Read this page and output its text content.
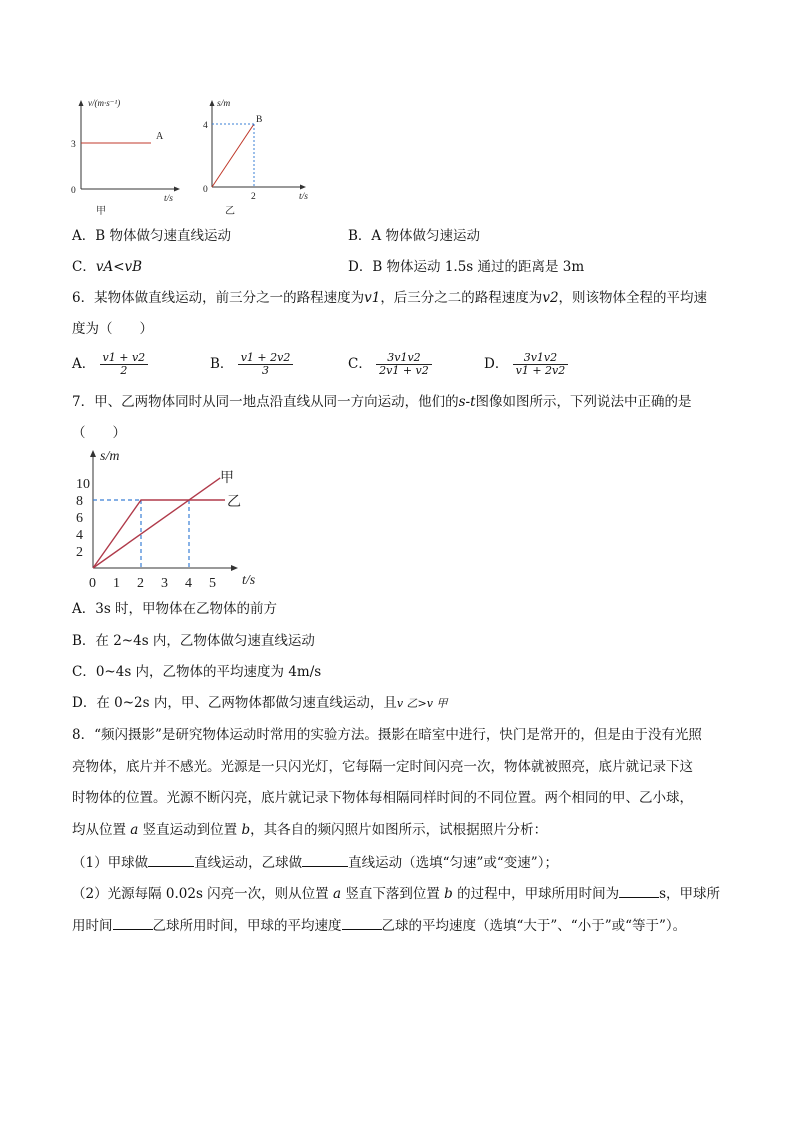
v/(m·s⁻¹)
3
0
A
t/s
甲
s/m
4
B
0
2	t/s
乙
A．B 物体做匀速直线运动	B．A 物体做匀速运动
C．vA<vB	D．B 物体运动 1.5s 通过的距离是 3m
6．某物体做直线运动，前三分之一的路程速度为v1，后三分之二的路程速度为v2，则该物体全程的平均速
度为（　　）
A． $\frac{v1 + v2}{2}$	B． $\frac{v1 + 2v2}{3}$	C． $\frac{3v1v2}{2v1 + v2}$	D． $\frac{3v1v2}{v1 + 2v2}$
7．甲、乙两物体同时从同一地点沿直线从同一方向运动，他们的s-t图像如图所示，下列说法中正确的是
（　　）
10
8
6
4
2
0 1 2 3 4 5
s/m
t/s
甲
乙
A．3s 时，甲物体在乙物体的前方
B．在 2~4s 内，乙物体做匀速直线运动
C．0~4s 内，乙物体的平均速度为 4m/s
D．在 0~2s 内，甲、乙两物体都做匀速直线运动，且v 乙>v 甲
8．“频闪摄影”是研究物体运动时常用的实验方法。摄影在暗室中进行，快门是常开的，但是由于没有光照
亮物体，底片并不感光。光源是一只闪光灯，它每隔一定时间闪亮一次，物体就被照亮，底片就记录下这
时物体的位置。光源不断闪亮，底片就记录下物体每相隔同样时间的不同位置。两个相同的甲、乙小球，
均从位置 a 竖直运动到位置 b，其各自的频闪照片如图所示，试根据照片分析：
（1）甲球做	直线运动，乙球做	直线运动（选填“匀速”或“变速”）；
（2）光源每隔 0.02s 闪亮一次，则从位置 a 竖直下落到位置 b 的过程中，甲球所用时间为	s，甲球所
用时间	乙球所用时间，甲球的平均速度	乙球的平均速度（选填“大于”、“小于”或“等于”）。
